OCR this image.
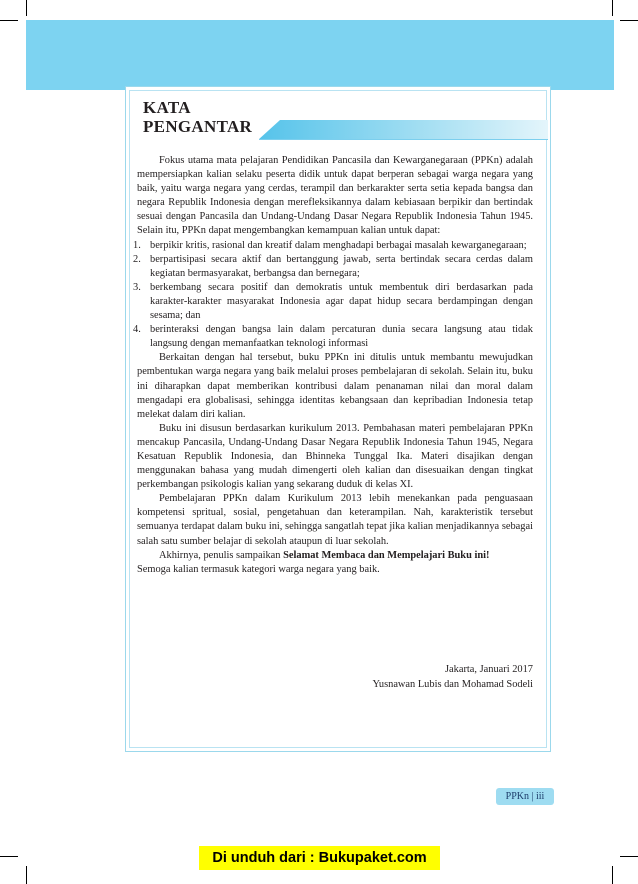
KATA
PENGANTAR

Fokus utama mata pelajaran Pendidikan Pancasila dan Kewarganegaraan (PPKn) adalah mempersiapkan kalian selaku peserta didik untuk dapat berperan sebagai warga negara yang baik, yaitu warga negara yang cerdas, terampil dan berkarakter serta setia kepada bangsa dan negara Republik Indonesia dengan merefleksikannya dalam kebiasaan berpikir dan bertindak sesuai dengan Pancasila dan Undang-Undang Dasar Negara Republik Indonesia Tahun 1945. Selain itu, PPKn dapat mengembangkan kemampuan kalian untuk dapat:

1. berpikir kritis, rasional dan kreatif dalam menghadapi berbagai masalah kewarganegaraan;
2. berpartisipasi secara aktif dan bertanggung jawab, serta bertindak secara cerdas dalam kegiatan bermasyarakat, berbangsa dan bernegara;
3. berkembang secara positif dan demokratis untuk membentuk diri berdasarkan pada karakter-karakter masyarakat Indonesia agar dapat hidup secara berdampingan dengan sesama; dan
4. berinteraksi dengan bangsa lain dalam percaturan dunia secara langsung atau tidak langsung dengan memanfaatkan teknologi informasi

Berkaitan dengan hal tersebut, buku PPKn ini ditulis untuk membantu mewujudkan pembentukan warga negara yang baik melalui proses pembelajaran di sekolah. Selain itu, buku ini diharapkan dapat memberikan kontribusi dalam penanaman nilai dan moral dalam mengadapi era globalisasi, sehingga identitas kebangsaan dan kepribadian Indonesia tetap melekat dalam diri kalian.

Buku ini disusun berdasarkan kurikulum 2013. Pembahasan materi pembelajaran PPKn mencakup Pancasila, Undang-Undang Dasar Negara Republik Indonesia Tahun 1945, Negara Kesatuan Republik Indonesia, dan Bhinneka Tunggal Ika. Materi disajikan dengan menggunakan bahasa yang mudah dimengerti oleh kalian dan disesuaikan dengan tingkat perkembangan psikologis kalian yang sekarang duduk di kelas XI.

Pembelajaran PPKn dalam Kurikulum 2013 lebih menekankan pada penguasaan kompetensi spritual, sosial, pengetahuan dan keterampilan. Nah, karakteristik tersebut semuanya terdapat dalam buku ini, sehingga sangatlah tepat jika kalian menjadikannya sebagai salah satu sumber belajar di sekolah ataupun di luar sekolah.

Akhirnya, penulis sampaikan Selamat Membaca dan Mempelajari Buku ini!

Semoga kalian termasuk kategori warga negara yang baik.

Jakarta, Januari 2017
Yusnawan Lubis dan Mohamad Sodeli
PPKn | iii
Di unduh dari : Bukupaket.com
